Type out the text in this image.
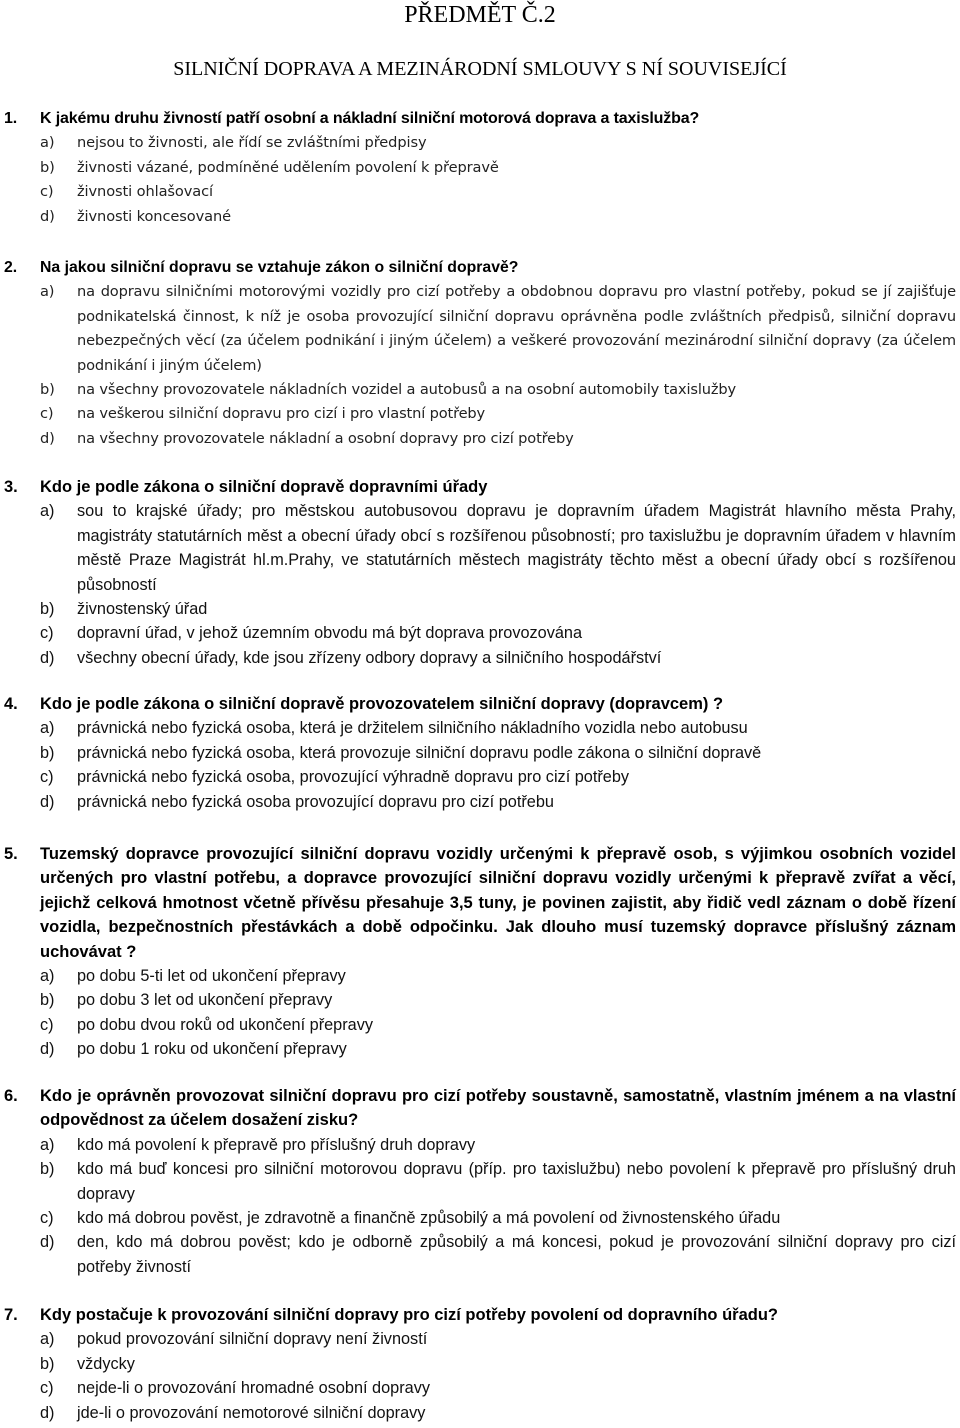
PŘEDMĚT Č.2
SILNIČNÍ DOPRAVA A MEZINÁRODNÍ SMLOUVY S NÍ SOUVISEJÍCÍ
1. K jakému druhu živností patří osobní a nákladní silniční motorová doprava a taxislužba?
a) nejsou to živnosti, ale řídí se zvláštními předpisy
b) živnosti vázané, podmíněné udělením povolení k přepravě
c) živnosti ohlašovací
d) živnosti koncesované
2. Na jakou silniční dopravu se vztahuje zákon o silniční dopravě?
a) na dopravu silničními motorovými vozidly pro cizí potřeby a obdobnou dopravu pro vlastní potřeby, pokud se jí zajišťuje podnikatelská činnost, k níž je osoba provozující silniční dopravu oprávněna podle zvláštních předpisů, silniční dopravu nebezpečných věcí (za účelem podnikání i jiným účelem) a veškeré provozování mezinárodní silniční dopravy (za účelem podnikání i jiným účelem)
b) na všechny provozovatele nákladních vozidel a autobusů a na osobní automobily taxislužby
c) na veškerou silniční dopravu pro cizí i pro vlastní potřeby
d) na všechny provozovatele nákladní a osobní dopravy pro cizí potřeby
3. Kdo je podle zákona o silniční dopravě dopravními úřady
a) sou to krajské úřady; pro městskou autobusovou dopravu je dopravním úřadem Magistrát hlavního města Prahy, magistráty statutárních měst a obecní úřady obcí s rozšířenou působností; pro taxislužbu je dopravním úřadem v hlavním městě Praze Magistrát hl.m.Prahy, ve statutárních městech magistráty těchto měst a obecní úřady obcí s rozšířenou působností
b) živnostenský úřad
c) dopravní úřad, v jehož územním obvodu má být doprava provozována
d) všechny obecní úřady, kde jsou zřízeny odbory dopravy a silničního hospodářství
4. Kdo je podle zákona o silniční dopravě provozovatelem silniční dopravy (dopravcem) ?
a) právnická nebo fyzická osoba, která je držitelem silničního nákladního vozidla nebo autobusu
b) právnická nebo fyzická osoba, která provozuje silniční dopravu podle zákona o silniční dopravě
c) právnická nebo fyzická osoba, provozující výhradně dopravu pro cizí potřeby
d) právnická nebo fyzická osoba provozující dopravu pro cizí potřebu
5. Tuzemský dopravce provozující silniční dopravu vozidly určenými k přepravě osob, s výjimkou osobních vozidel určených pro vlastní potřebu, a dopravce provozující silniční dopravu vozidly určenými k přepravě zvířat a věcí, jejichž celková hmotnost včetně přívěsu přesahuje 3,5 tuny, je povinen zajistit, aby řidič vedl záznam o době řízení vozidla, bezpečnostních přestávkách a době odpočinku. Jak dlouho musí tuzemský dopravce příslušný záznam uchovávat ?
a) po dobu 5-ti let od ukončení přepravy
b) po dobu 3 let od ukončení přepravy
c) po dobu dvou roků od ukončení přepravy
d) po dobu 1 roku od ukončení přepravy
6. Kdo je oprávněn provozovat silniční dopravu pro cizí potřeby soustavně, samostatně, vlastním jménem a na vlastní odpovědnost za účelem dosažení zisku?
a) kdo má povolení k přepravě pro příslušný druh dopravy
b) kdo má buď koncesi pro silniční motorovou dopravu (příp. pro taxislužbu) nebo povolení k přepravě pro příslušný druh dopravy
c) kdo má dobrou pověst, je zdravotně a finančně způsobilý a má povolení od živnostenského úřadu
d) den, kdo má dobrou pověst; kdo je odborně způsobilý a má koncesi, pokud je provozování silniční dopravy pro cizí potřeby živností
7. Kdy postačuje k provozování silniční dopravy pro cizí potřeby povolení od dopravního úřadu?
a) pokud provozování silniční dopravy není živností
b) vždycky
c) nejde-li o provozování hromadné osobní dopravy
d) jde-li o provozování nemotorové silniční dopravy
